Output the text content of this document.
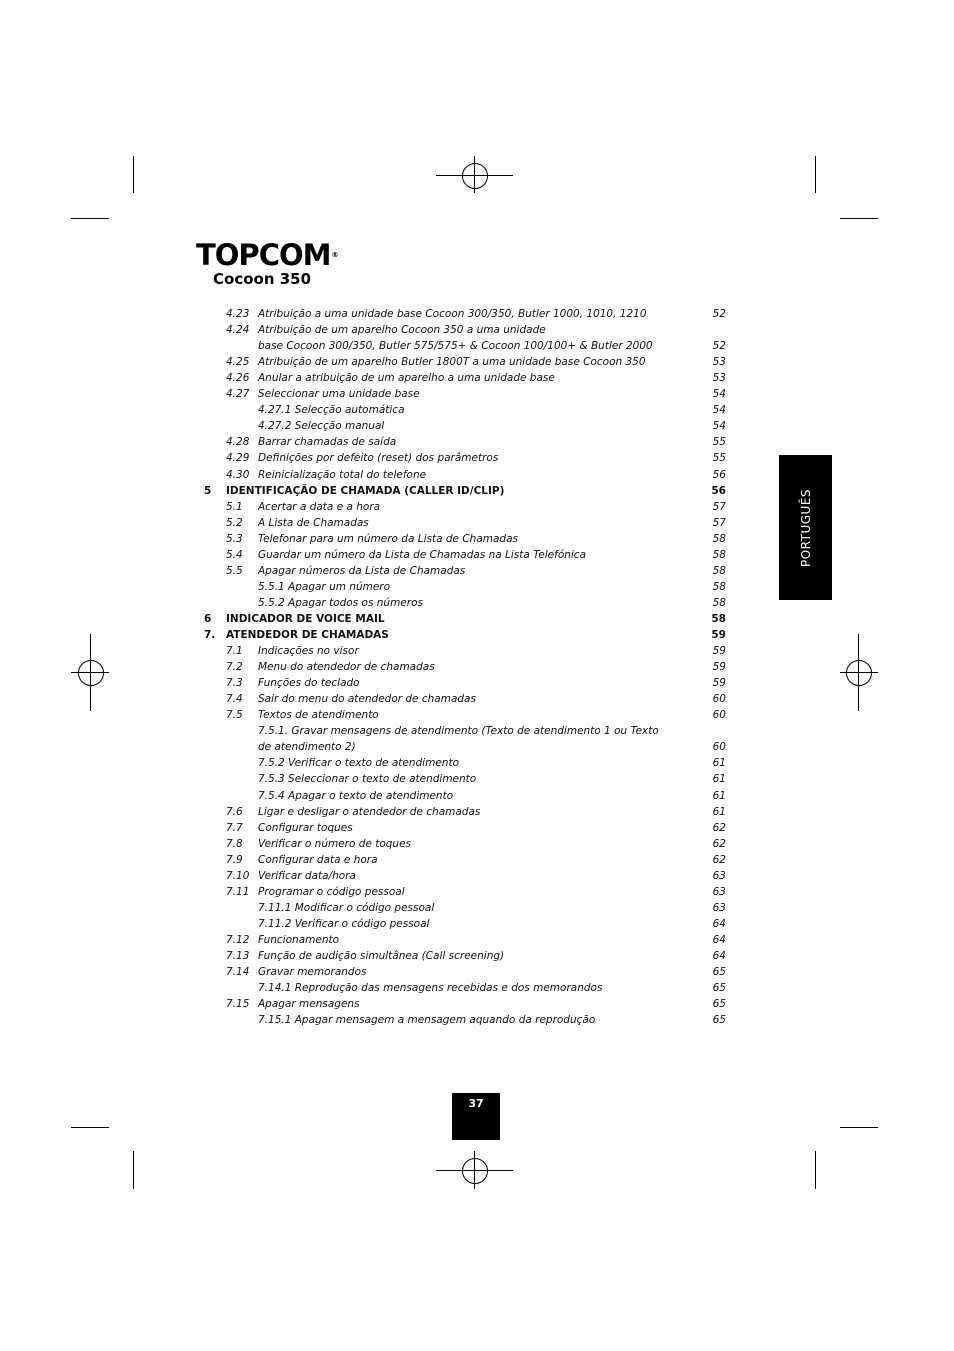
TOPCOM®
Cocoon 350
4.23 Atribuição a uma unidade base Cocoon 300/350, Butler 1000, 1010, 1210	52
4.24 Atribuição de um aparelho Cocoon 350 a uma unidade
base Cocoon 300/350, Butler 575/575+ & Cocoon 100/100+ & Butler 2000	52
4.25 Atribuição de um aparelho Butler 1800T a uma unidade base Cocoon 350	53
4.26 Anular a atribuição de um aparelho a uma unidade base	53
4.27 Seleccionar uma unidade base	54
4.27.1 Selecção automática	54
4.27.2 Selecção manual	54
4.28 Barrar chamadas de saída	55
4.29 Definições por defeito (reset) dos parâmetros	55
4.30 Reinicialização total do telefone	56
5 IDENTIFICAÇÃO DE CHAMADA (CALLER ID/CLIP)	56
5.1 Acertar a data e a hora	57
5.2 A Lista de Chamadas	57
5.3 Telefonar para um número da Lista de Chamadas	58
5.4 Guardar um número da Lista de Chamadas na Lista Telefónica	58
5.5 Apagar números da Lista de Chamadas	58
5.5.1 Apagar um número	58
5.5.2 Apagar todos os números	58
6 INDICADOR DE VOICE MAIL	58
7. ATENDEDOR DE CHAMADAS	59
7.1 Indicações no visor	59
7.2 Menu do atendedor de chamadas	59
7.3 Funções do teclado	59
7.4 Sair do menu do atendedor de chamadas	60
7.5 Textos de atendimento	60
7.5.1. Gravar mensagens de atendimento (Texto de atendimento 1 ou Texto
de atendimento 2)	60
7.5.2 Verificar o texto de atendimento	61
7.5.3 Seleccionar o texto de atendimento	61
7.5.4 Apagar o texto de atendimento	61
7.6 Ligar e desligar o atendedor de chamadas	61
7.7 Configurar toques	62
7.8 Verificar o número de toques	62
7.9 Configurar data e hora	62
7.10 Verificar data/hora	63
7.11 Programar o código pessoal	63
7.11.1 Modificar o código pessoal	63
7.11.2 Verificar o código pessoal	64
7.12 Funcionamento	64
7.13 Função de audição simultânea (Call screening)	64
7.14 Gravar memorandos	65
7.14.1 Reprodução das mensagens recebidas e dos memorandos	65
7.15 Apagar mensagens	65
7.15.1 Apagar mensagem a mensagem aquando da reprodução	65
PORTUGUÊS
37
